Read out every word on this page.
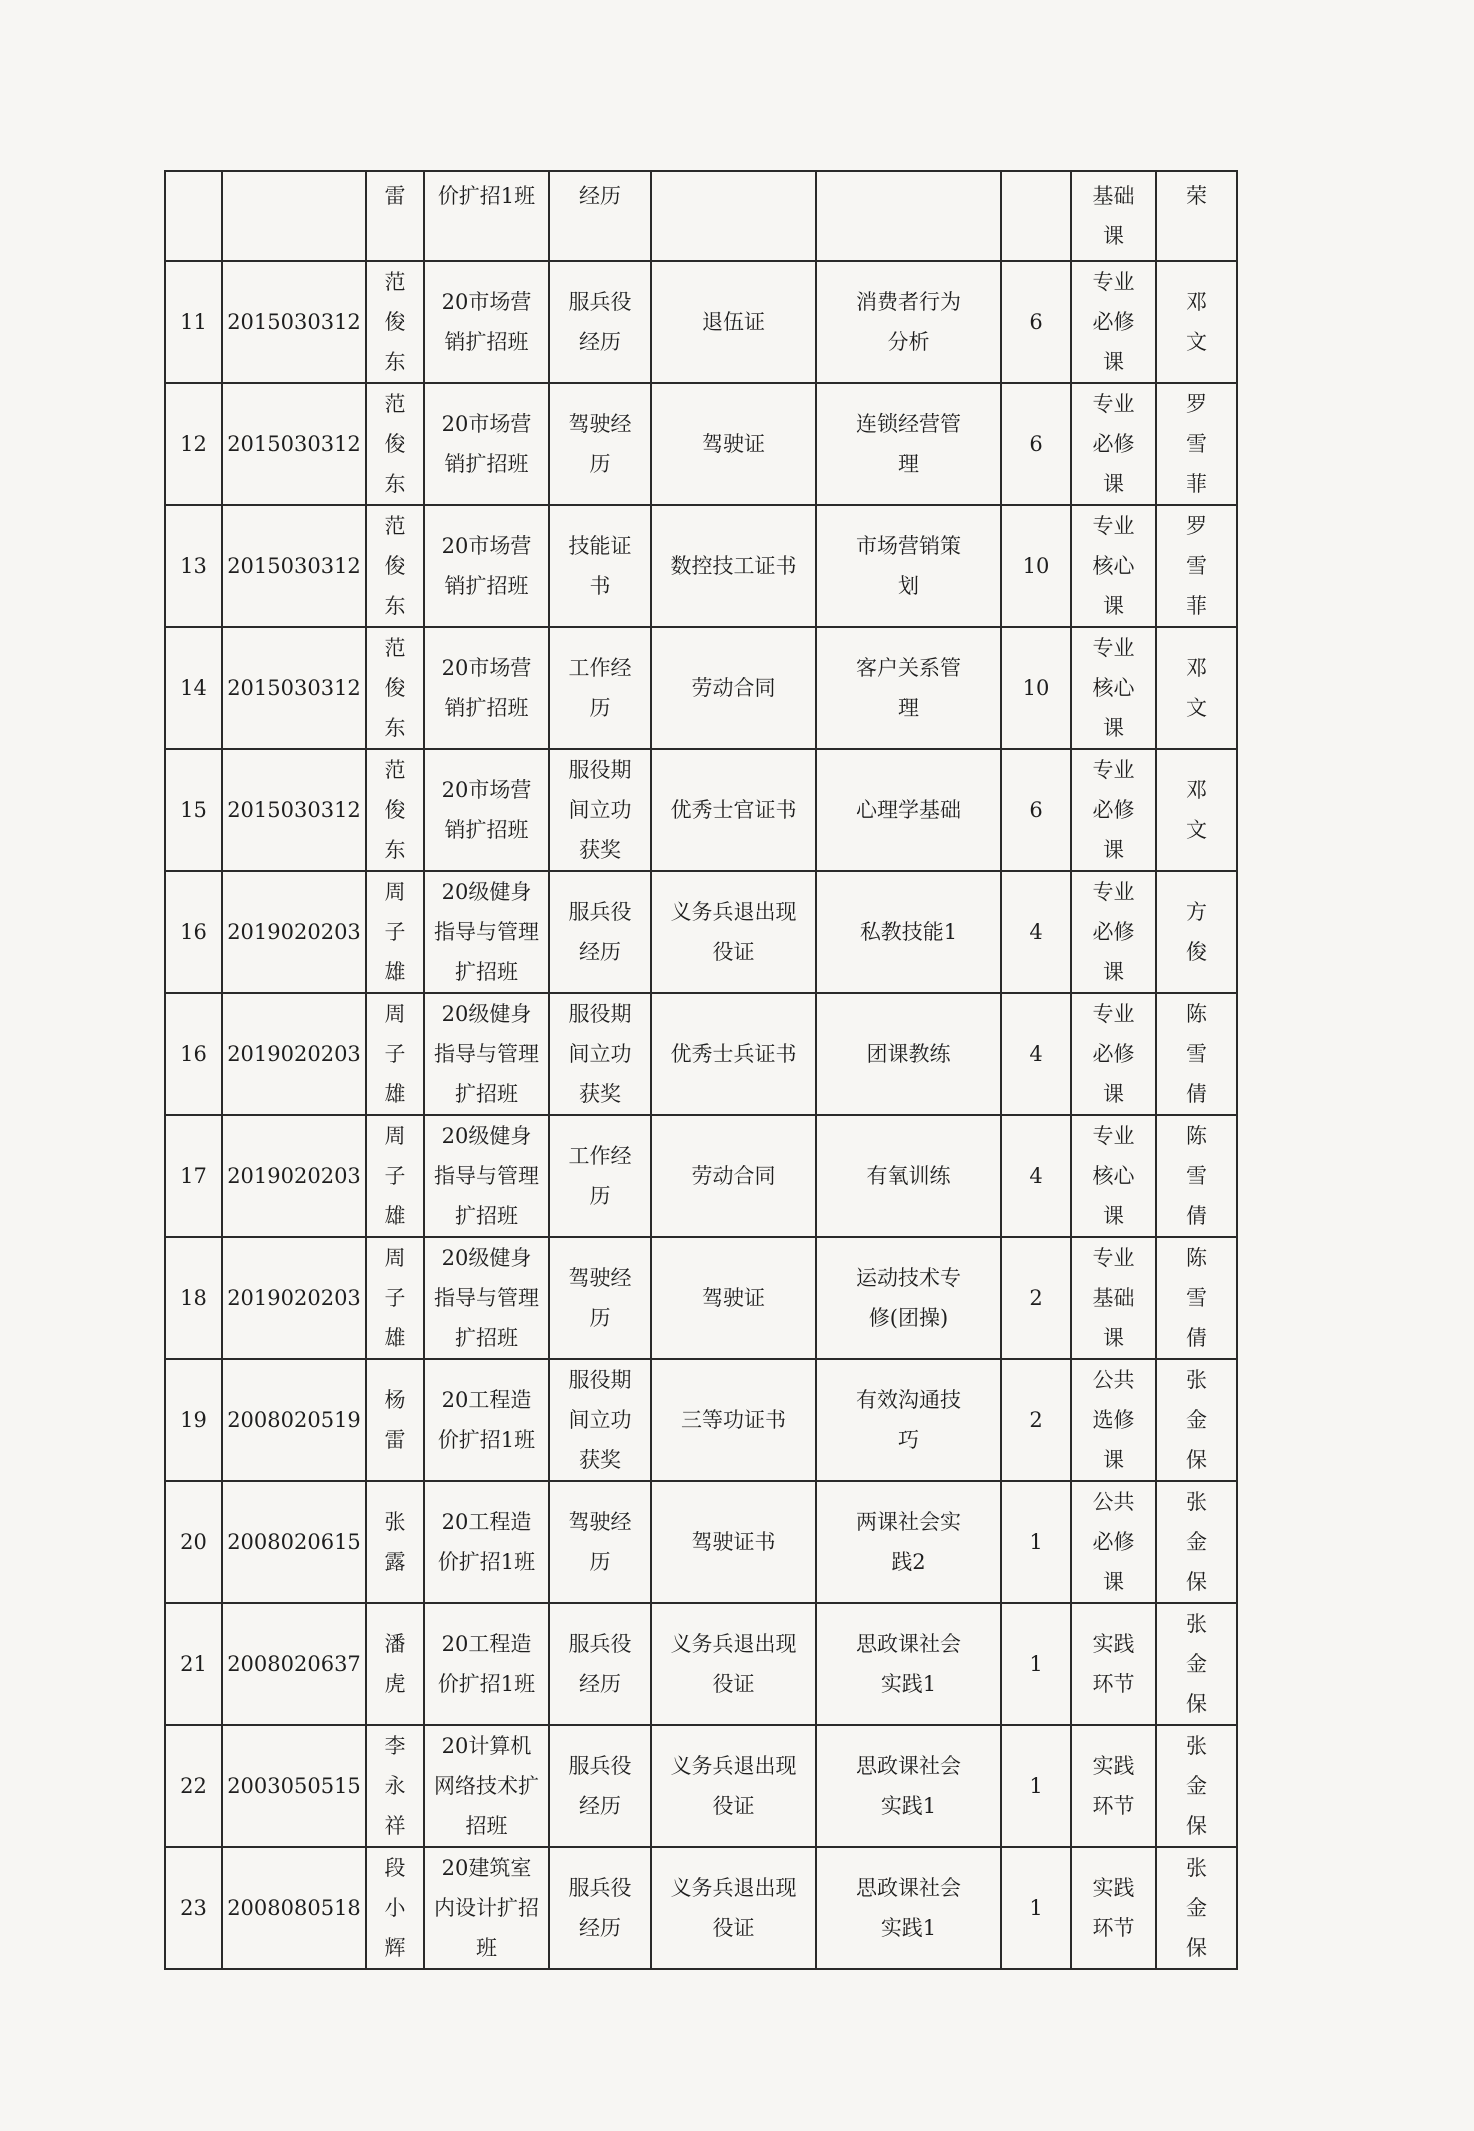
		雷	价扩招1班	经历				基础课	荣

11	2015030312	范俊东	20市场营销扩招班	服兵役经历	退伍证	消费者行为分析	6	专业必修课	邓文

12	2015030312	范俊东	20市场营销扩招班	驾驶经历	驾驶证	连锁经营管理	6	专业必修课	罗雪菲

13	2015030312	范俊东	20市场营销扩招班	技能证书	数控技工证书	市场营销策划	10	专业核心课	罗雪菲

14	2015030312	范俊东	20市场营销扩招班	工作经历	劳动合同	客户关系管理	10	专业核心课	邓文

15	2015030312	范俊东	20市场营销扩招班	服役期间立功获奖	优秀士官证书	心理学基础	6	专业必修课	邓文

16	2019020203	周子雄	20级健身指导与管理扩招班	服兵役经历	义务兵退出现役证	私教技能1	4	专业必修课	方俊

16	2019020203	周子雄	20级健身指导与管理扩招班	服役期间立功获奖	优秀士兵证书	团课教练	4	专业必修课	陈雪倩

17	2019020203	周子雄	20级健身指导与管理扩招班	工作经历	劳动合同	有氧训练	4	专业核心课	陈雪倩

18	2019020203	周子雄	20级健身指导与管理扩招班	驾驶经历	驾驶证	运动技术专修(团操)	2	专业基础课	陈雪倩

19	2008020519	杨雷	20工程造价扩招1班	服役期间立功获奖	三等功证书	有效沟通技巧	2	公共选修课	张金保

20	2008020615	张露	20工程造价扩招1班	驾驶经历	驾驶证书	两课社会实践2	1	公共必修课	张金保

21	2008020637	潘虎	20工程造价扩招1班	服兵役经历	义务兵退出现役证	思政课社会实践1	1	实践环节	张金保

22	2003050515	李永祥	20计算机网络技术扩招班	服兵役经历	义务兵退出现役证	思政课社会实践1	1	实践环节	张金保

23	2008080518	段小辉	20建筑室内设计扩招班	服兵役经历	义务兵退出现役证	思政课社会实践1	1	实践环节	张金保
